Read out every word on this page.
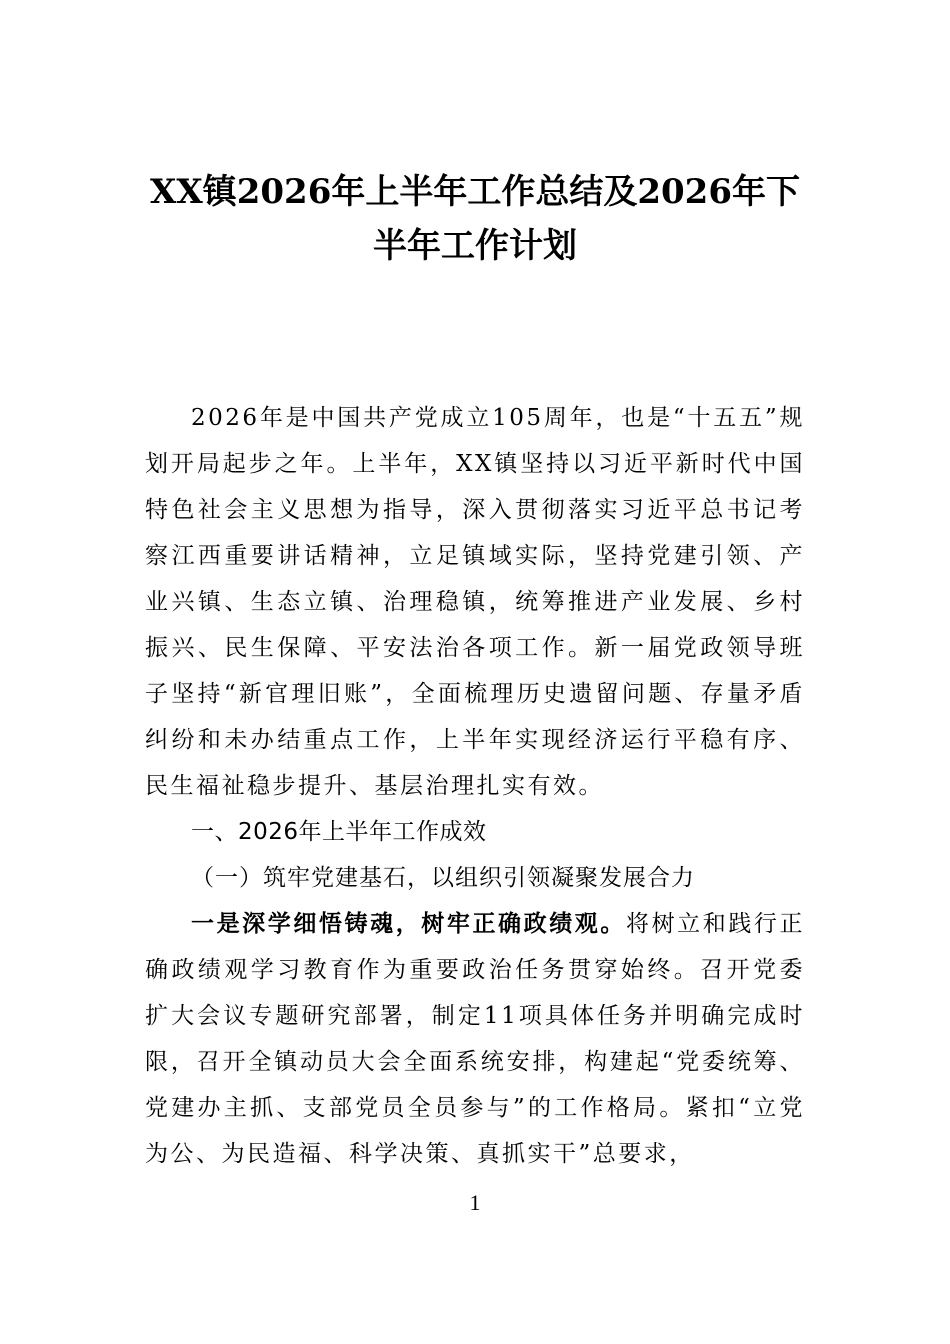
XX镇2026年上半年工作总结及2026年下
半年工作计划

2026年是中国共产党成立105周年，也是“十五五”规划开局起步之年。上半年，XX镇坚持以习近平新时代中国特色社会主义思想为指导，深入贯彻落实习近平总书记考察江西重要讲话精神，立足镇域实际，坚持党建引领、产业兴镇、生态立镇、治理稳镇，统筹推进产业发展、乡村振兴、民生保障、平安法治各项工作。新一届党政领导班子坚持“新官理旧账”，全面梳理历史遗留问题、存量矛盾纠纷和未办结重点工作，上半年实现经济运行平稳有序、民生福祉稳步提升、基层治理扎实有效。

一、2026年上半年工作成效

（一）筑牢党建基石，以组织引领凝聚发展合力

一是深学细悟铸魂，树牢正确政绩观。将树立和践行正确政绩观学习教育作为重要政治任务贯穿始终。召开党委扩大会议专题研究部署，制定11项具体任务并明确完成时限，召开全镇动员大会全面系统安排，构建起“党委统筹、党建办主抓、支部党员全员参与”的工作格局。紧扣“立党为公、为民造福、科学决策、真抓实干”总要求，

1
